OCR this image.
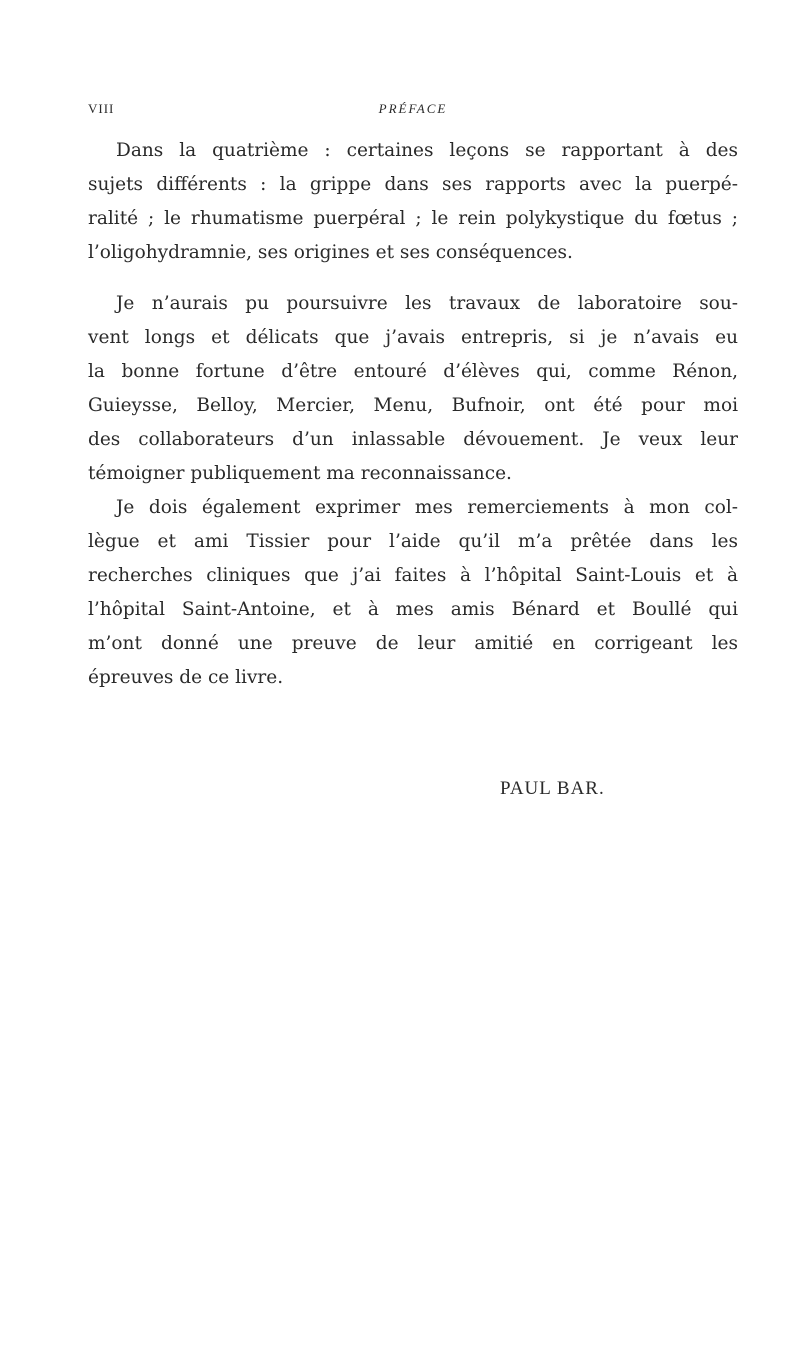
VIII	PRÉFACE
Dans la quatrième : certaines leçons se rapportant à des
sujets différents : la grippe dans ses rapports avec la puerpé-
ralité ; le rhumatisme puerpéral ; le rein polykystique du fœtus ;
l’oligohydramnie, ses origines et ses conséquences.
Je n’aurais pu poursuivre les travaux de laboratoire sou-
vent longs et délicats que j’avais entrepris, si je n’avais eu
la bonne fortune d’être entouré d’élèves qui, comme Rénon,
Guieysse, Belloy, Mercier, Menu, Bufnoir, ont été pour moi
des collaborateurs d’un inlassable dévouement. Je veux leur
témoigner publiquement ma reconnaissance.
Je dois également exprimer mes remerciements à mon col-
lègue et ami Tissier pour l’aide qu’il m’a prêtée dans les
recherches cliniques que j’ai faites à l’hôpital Saint-Louis et à
l’hôpital Saint-Antoine, et à mes amis Bénard et Boullé qui
m’ont donné une preuve de leur amitié en corrigeant les
épreuves de ce livre.
PAUL BAR.
